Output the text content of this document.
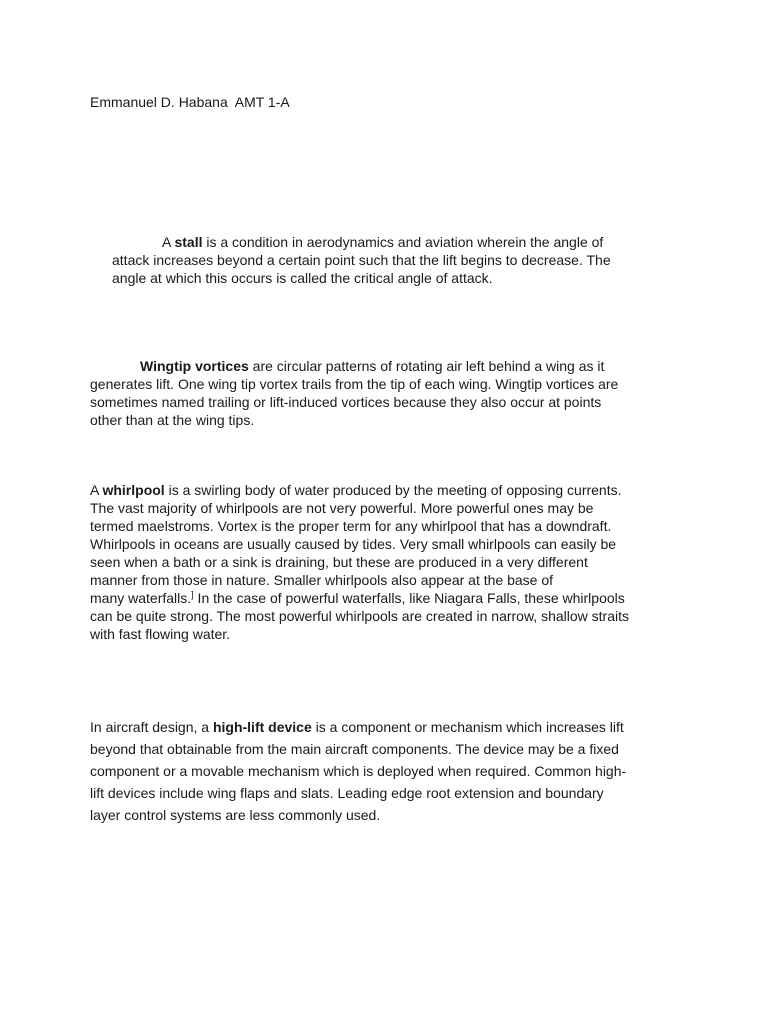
Emmanuel D. Habana  AMT 1-A
A stall is a condition in aerodynamics and aviation wherein the angle of
attack increases beyond a certain point such that the lift begins to decrease. The
angle at which this occurs is called the critical angle of attack.
Wingtip vortices are circular patterns of rotating air left behind a wing as it
generates lift. One wing tip vortex trails from the tip of each wing. Wingtip vortices are
sometimes named trailing or lift-induced vortices because they also occur at points
other than at the wing tips.
A whirlpool is a swirling body of water produced by the meeting of opposing currents.
The vast majority of whirlpools are not very powerful. More powerful ones may be
termed maelstroms. Vortex is the proper term for any whirlpool that has a downdraft.
Whirlpools in oceans are usually caused by tides. Very small whirlpools can easily be
seen when a bath or a sink is draining, but these are produced in a very different
manner from those in nature. Smaller whirlpools also appear at the base of
many waterfalls.] In the case of powerful waterfalls, like Niagara Falls, these whirlpools
can be quite strong. The most powerful whirlpools are created in narrow, shallow straits
with fast flowing water.
In aircraft design, a high-lift device is a component or mechanism which increases lift
beyond that obtainable from the main aircraft components. The device may be a fixed
component or a movable mechanism which is deployed when required. Common high-
lift devices include wing flaps and slats. Leading edge root extension and boundary
layer control systems are less commonly used.
